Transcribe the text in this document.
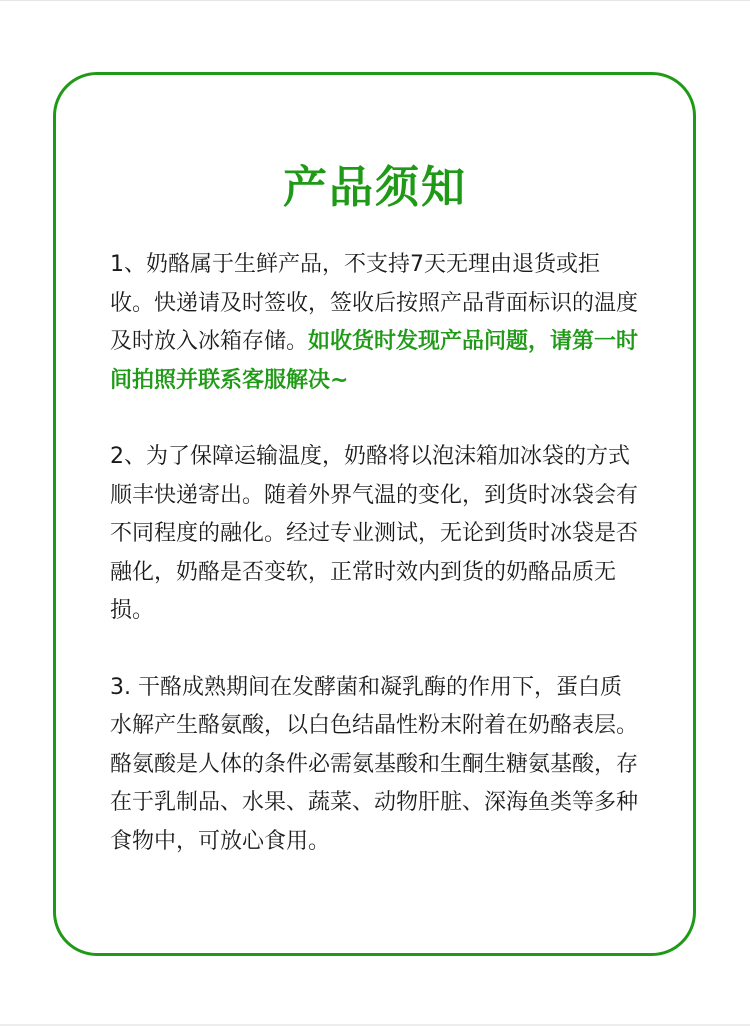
产品须知

1、奶酪属于生鲜产品，不支持7天无理由退货或拒收。快递请及时签收，签收后按照产品背面标识的温度及时放入冰箱存储。如收货时发现产品问题，请第一时间拍照并联系客服解决~

2、为了保障运输温度，奶酪将以泡沫箱加冰袋的方式顺丰快递寄出。随着外界气温的变化，到货时冰袋会有不同程度的融化。经过专业测试，无论到货时冰袋是否融化，奶酪是否变软，正常时效内到货的奶酪品质无损。

3. 干酪成熟期间在发酵菌和凝乳酶的作用下，蛋白质水解产生酪氨酸，以白色结晶性粉末附着在奶酪表层。酪氨酸是人体的条件必需氨基酸和生酮生糖氨基酸，存在于乳制品、水果、蔬菜、动物肝脏、深海鱼类等多种食物中，可放心食用。
